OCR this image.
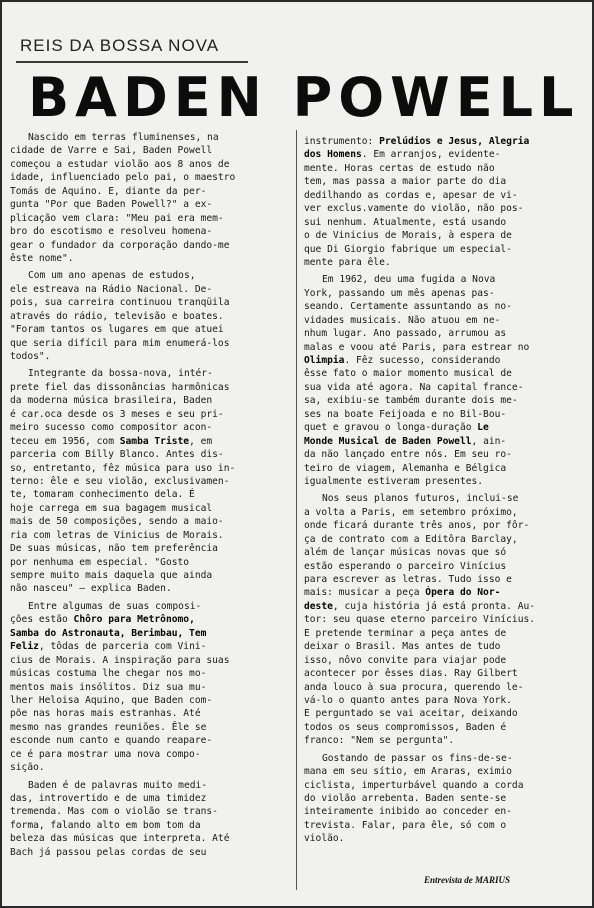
REIS DA BOSSA NOVA
BADEN POWELL
Nascido em terras fluminenses, na
cidade de Varre e Sai, Baden Powell
começou a estudar violão aos 8 anos de
idade, influenciado pelo pai, o maestro
Tomás de Aquino. E, diante da per-
gunta "Por que Baden Powell?" a ex-
plicação vem clara: "Meu pai era mem-
bro do escotismo e resolveu homena-
gear o fundador da corporação dando-me
êste nome".
Com um ano apenas de estudos,
ele estreava na Rádio Nacional. De-
pois, sua carreira continuou tranqüila
através do rádio, televisão e boates.
"Foram tantos os lugares em que atuei
que seria difícil para mim enumerá-los
todos".
Integrante da bossa-nova, intér-
prete fiel das dissonâncias harmônicas
da moderna música brasileira, Baden
é car.oca desde os 3 meses e seu pri-
meiro sucesso como compositor acon-
teceu em 1956, com Samba Triste, em
parceria com Billy Blanco. Antes dis-
so, entretanto, fêz música para uso in-
terno: êle e seu violão, exclusivamen-
te, tomaram conhecimento dela. É
hoje carrega em sua bagagem musical
mais de 50 composições, sendo a maio-
ria com letras de Vinicius de Morais.
De suas músicas, não tem preferência
por nenhuma em especial. "Gosto
sempre muito mais daquela que ainda
não nasceu" — explica Baden.
Entre algumas de suas composi-
ções estão Chôro para Metrônomo,
Samba do Astronauta, Berimbau, Tem
Feliz, tôdas de parceria com Vini-
cius de Morais. A inspiração para suas
músicas costuma lhe chegar nos mo-
mentos mais insólitos. Diz sua mu-
lher Heloisa Aquino, que Baden com-
põe nas horas mais estranhas. Até
mesmo nas grandes reuniões. Êle se
esconde num canto e quando reapare-
ce é para mostrar uma nova compo-
sição.
Baden é de palavras muito medi-
das, introvertido e de uma timidez
tremenda. Mas com o violão se trans-
forma, falando alto em bom tom da
beleza das músicas que interpreta. Até
Bach já passou pelas cordas de seu
instrumento: Prelúdios e Jesus, Alegria
dos Homens. Em arranjos, evidente-
mente. Horas certas de estudo não
tem, mas passa a maior parte do dia
dedilhando as cordas e, apesar de vi-
ver exclus.vamente do violão, não pos-
sui nenhum. Atualmente, está usando
o de Vinicius de Morais, à espera de
que Di Giorgio fabrique um especial-
mente para êle.
Em 1962, deu uma fugida a Nova
York, passando um mês apenas pas-
seando. Certamente assuntando as no-
vidades musicais. Não atuou em ne-
nhum lugar. Ano passado, arrumou as
malas e voou até Paris, para estrear no
Olimpia. Fêz sucesso, considerando
êsse fato o maior momento musical de
sua vida até agora. Na capital france-
sa, exibiu-se também durante dois me-
ses na boate Feijoada e no Bil-Bou-
quet e gravou o longa-duração Le
Monde Musical de Baden Powell, ain-
da não lançado entre nós. Em seu ro-
teiro de viagem, Alemanha e Bélgica
igualmente estiveram presentes.
Nos seus planos futuros, inclui-se
a volta a Paris, em setembro próximo,
onde ficará durante três anos, por fôr-
ça de contrato com a Editôra Barclay,
além de lançar músicas novas que só
estão esperando o parceiro Vinícius
para escrever as letras. Tudo isso e
mais: musicar a peça Ópera do Nor-
deste, cuja história já está pronta. Au-
tor: seu quase eterno parceiro Vinícius.
E pretende terminar a peça antes de
deixar o Brasil. Mas antes de tudo
isso, nôvo convite para viajar pode
acontecer por êsses dias. Ray Gilbert
anda louco à sua procura, querendo le-
vá-lo o quanto antes para Nova York.
E perguntado se vai aceitar, deixando
todos os seus compromissos, Baden é
franco: "Nem se pergunta".
Gostando de passar os fins-de-se-
mana em seu sítio, em Araras, eximio
ciclista, imperturbável quando a corda
do violão arrebenta. Baden sente-se
inteiramente inibido ao conceder en-
trevista. Falar, para êle, só com o
violão.
Entrevista de MARIUS
